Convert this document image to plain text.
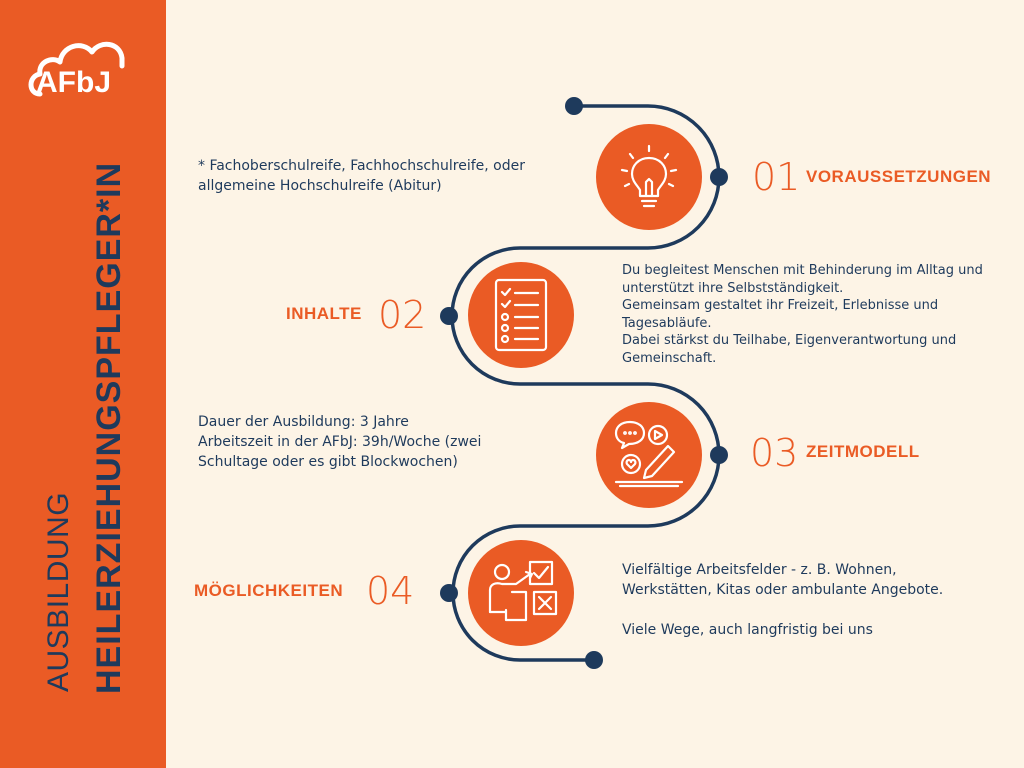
AFbJ
AUSBILDUNG HEILERZIEHUNGSPFLEGER*IN	01 VORAUSSETZUNGEN

* Fachoberschulreife, Fachhochschulreife, oder

allgemeine Hochschulreife (Abitur)

02
INHALTE

Du begleitest Menschen mit Behinderung im Alltag und

unterstützt ihre Selbstständigkeit.

Gemeinsam gestaltet ihr Freizeit, Erlebnisse und

Tagesabläufe.

Dabei stärkst du Teilhabe, Eigenverantwortung und

Gemeinschaft.

03 ZEITMODELL

Dauer der Ausbildung: 3 Jahre

Arbeitszeit in der AFbJ: 39h/Woche (zwei

Schultage oder es gibt Blockwochen)

04
MÖGLICHKEITEN

Vielfältige Arbeitsfelder - z. B. Wohnen,

Werkstätten, Kitas oder ambulante Angebote.

Viele Wege, auch langfristig bei uns
